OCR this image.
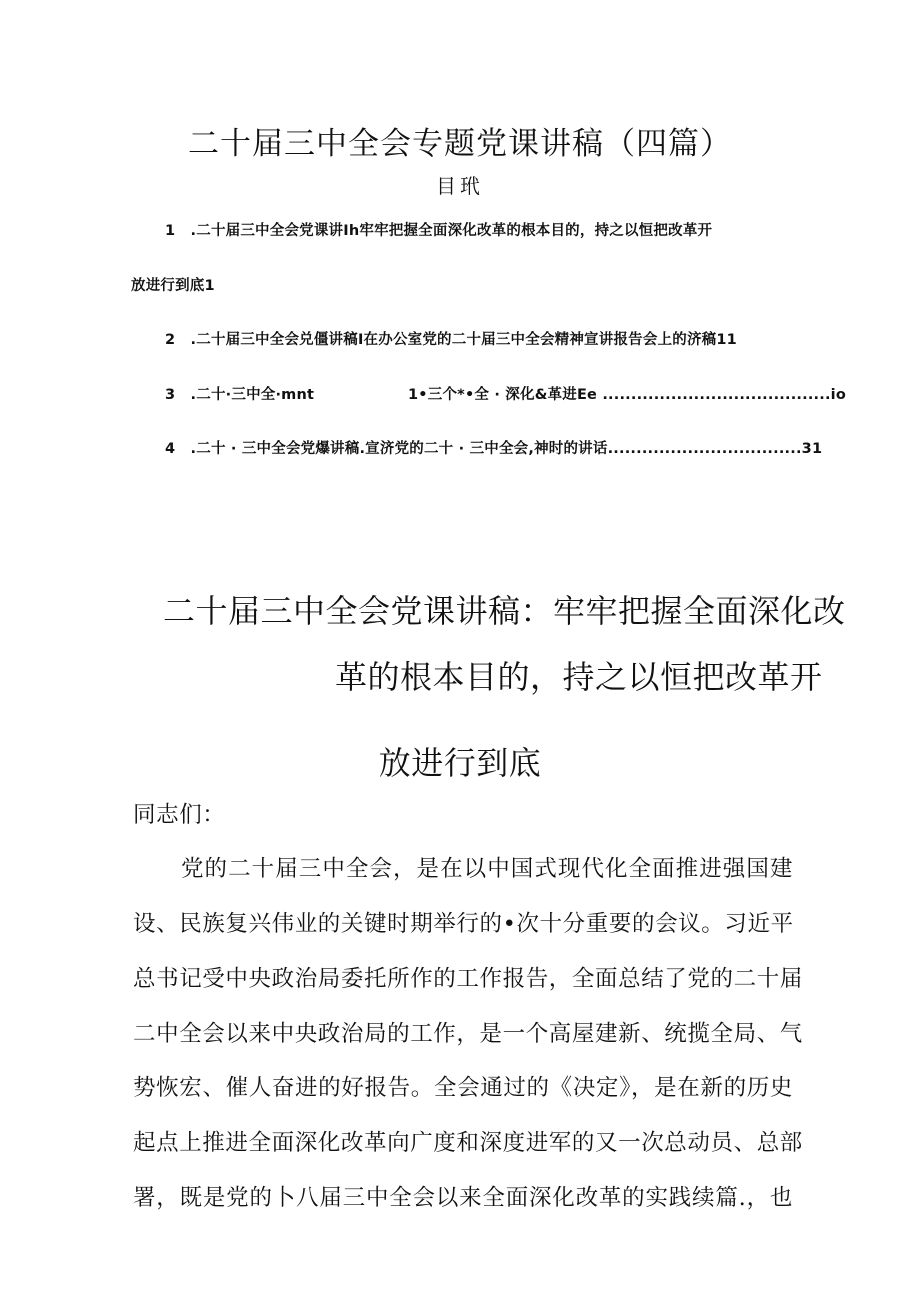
二十届三中全会专题党课讲稿（四篇）
目玳
1 .二十届三中全会党课讲Ih牢牢把握全面深化改革的根本目的，持之以恒把改革开
放进行到底1
2 .二十届三中全会兑僵讲稿I在办公室党的二十届三中全会精神宣讲报告会上的济稿11
3 .二十·三中全·mnt	1•三个*•全 · 深化&革进Ee ........................................io
4 .二十 · 三中全会党爆讲稿.宣济党的二十 · 三中全会,神时的讲话..................................31
二十届三中全会党课讲稿：牢牢把握全面深化改
革的根本目的，持之以恒把改革开
放进行到底
同志们：
党的二十届三中全会，是在以中国式现代化全面推进强国建
设、民族复兴伟业的关键时期举行的•次十分重要的会议。习近平
总书记受中央政治局委托所作的工作报告，全面总结了党的二十届
二中全会以来中央政治局的工作，是一个高屋建新、统揽全局、气
势恢宏、催人奋进的好报告。全会通过的《决定》，是在新的历史
起点上推进全面深化改革向广度和深度进军的又一次总动员、总部
署，既是党的卜八届三中全会以来全面深化改革的实践续篇.，也
